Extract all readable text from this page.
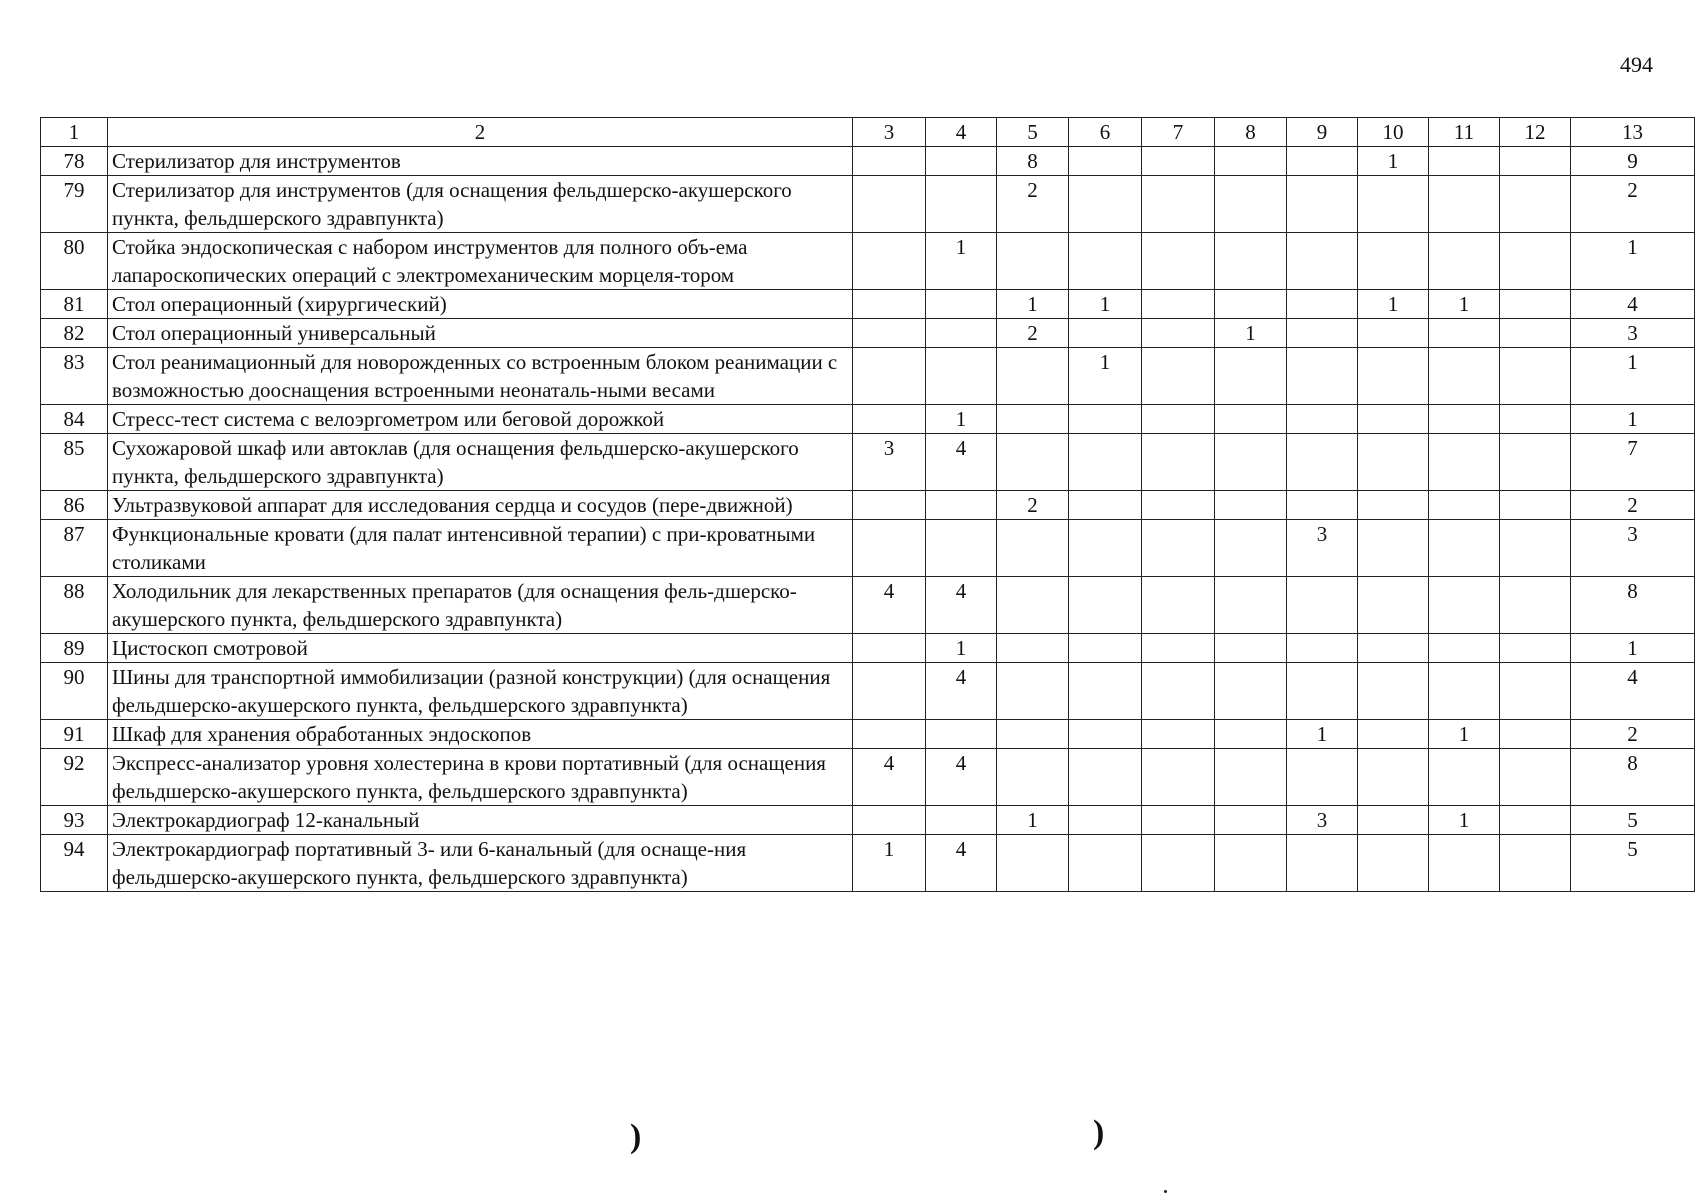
494
1	2	3	4	5	6	7	8	9	10	11	12	13
78	Стерилизатор для инструментов			8					1			9
79	Стерилизатор для инструментов (для оснащения фельдшерско-акушерского пункта, фельдшерского здравпункта)			2								2
80	Стойка эндоскопическая с набором инструментов для полного объ-ема лапароскопических операций с электромеханическим морцеля-тором		1									1
81	Стол операционный (хирургический)			1	1				1	1		4
82	Стол операционный универсальный			2			1					3
83	Стол реанимационный для новорожденных со встроенным блоком реанимации с возможностью дооснащения встроенными неонаталь-ными весами				1							1
84	Стресс-тест система с велоэргометром или беговой дорожкой		1									1
85	Сухожаровой шкаф или автоклав (для оснащения фельдшерско-акушерского пункта, фельдшерского здравпункта)	3	4									7
86	Ультразвуковой аппарат для исследования сердца и сосудов (пере-движной)			2								2
87	Функциональные кровати (для палат интенсивной терапии) с при-кроватными столиками							3				3
88	Холодильник для лекарственных препаратов (для оснащения фель-дшерско-акушерского пункта, фельдшерского здравпункта)	4	4									8
89	Цистоскоп смотровой		1									1
90	Шины для транспортной иммобилизации (разной конструкции) (для оснащения фельдшерско-акушерского пункта, фельдшерского здравпункта)		4									4
91	Шкаф для хранения обработанных эндоскопов							1		1		2
92	Экспресс-анализатор уровня холестерина в крови портативный (для оснащения фельдшерско-акушерского пункта, фельдшерского здравпункта)	4	4									8
93	Электрокардиограф 12-канальный			1				3		1		5
94	Электрокардиограф портативный 3- или 6-канальный (для оснаще-ния фельдшерско-акушерского пункта, фельдшерского здравпункта)	1	4									5
)	)
